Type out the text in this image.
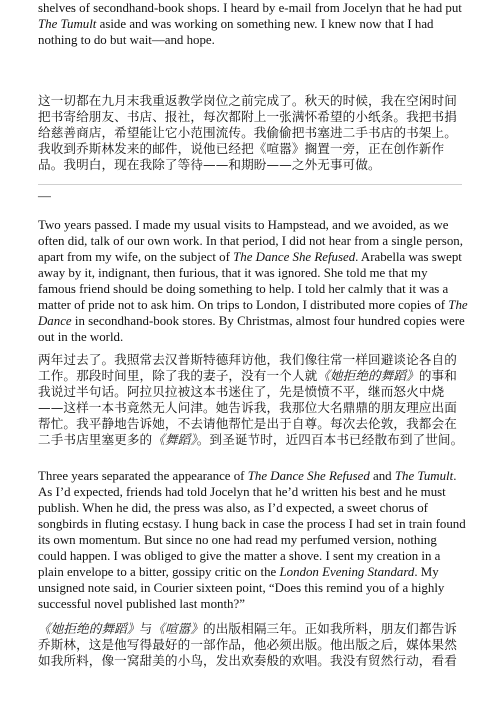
shelves of secondhand-book shops. I heard by e-mail from Jocelyn that he had put The Tumult aside and was working on something new. I knew now that I had nothing to do but wait—and hope.

这一切都在九月末我重返教学岗位之前完成了。秋天的时候，我在空闲时间把书寄给朋友、书店、报社，每次都附上一张满怀希望的小纸条。我把书捐给慈善商店，希望能让它小范围流传。我偷偷把书塞进二手书店的书架上。我收到乔斯林发来的邮件，说他已经把《喧嚣》搁置一旁，正在创作新作品。我明白，现在我除了等待——和期盼——之外无事可做。

—

Two years passed. I made my usual visits to Hampstead, and we avoided, as we often did, talk of our own work. In that period, I did not hear from a single person, apart from my wife, on the subject of The Dance She Refused. Arabella was swept away by it, indignant, then furious, that it was ignored. She told me that my famous friend should be doing something to help. I told her calmly that it was a matter of pride not to ask him. On trips to London, I distributed more copies of The Dance in secondhand-book stores. By Christmas, almost four hundred copies were out in the world.

两年过去了。我照常去汉普斯特德拜访他，我们像往常一样回避谈论各自的工作。那段时间里，除了我的妻子，没有一个人就《她拒绝的舞蹈》的事和我说过半句话。阿拉贝拉被这本书迷住了，先是愤愤不平，继而怒火中烧——这样一本书竟然无人问津。她告诉我，我那位大名鼎鼎的朋友理应出面帮忙。我平静地告诉她，不去请他帮忙是出于自尊。每次去伦敦，我都会在二手书店里塞更多的《舞蹈》。到圣诞节时，近四百本书已经散布到了世间。

Three years separated the appearance of The Dance She Refused and The Tumult. As I’d expected, friends had told Jocelyn that he’d written his best and he must publish. When he did, the press was also, as I’d expected, a sweet chorus of songbirds in fluting ecstasy. I hung back in case the process I had set in train found its own momentum. But since no one had read my perfumed version, nothing could happen. I was obliged to give the matter a shove. I sent my creation in a plain envelope to a bitter, gossipy critic on the London Evening Standard. My unsigned note said, in Courier sixteen point, “Does this remind you of a highly successful novel published last month?”

《她拒绝的舞蹈》与《喧嚣》的出版相隔三年。正如我所料，朋友们都告诉乔斯林，这是他写得最好的一部作品，他必须出版。他出版之后，媒体果然如我所料，像一窝甜美的小鸟，发出欢奏般的欢唱。我没有贸然行动，看看
